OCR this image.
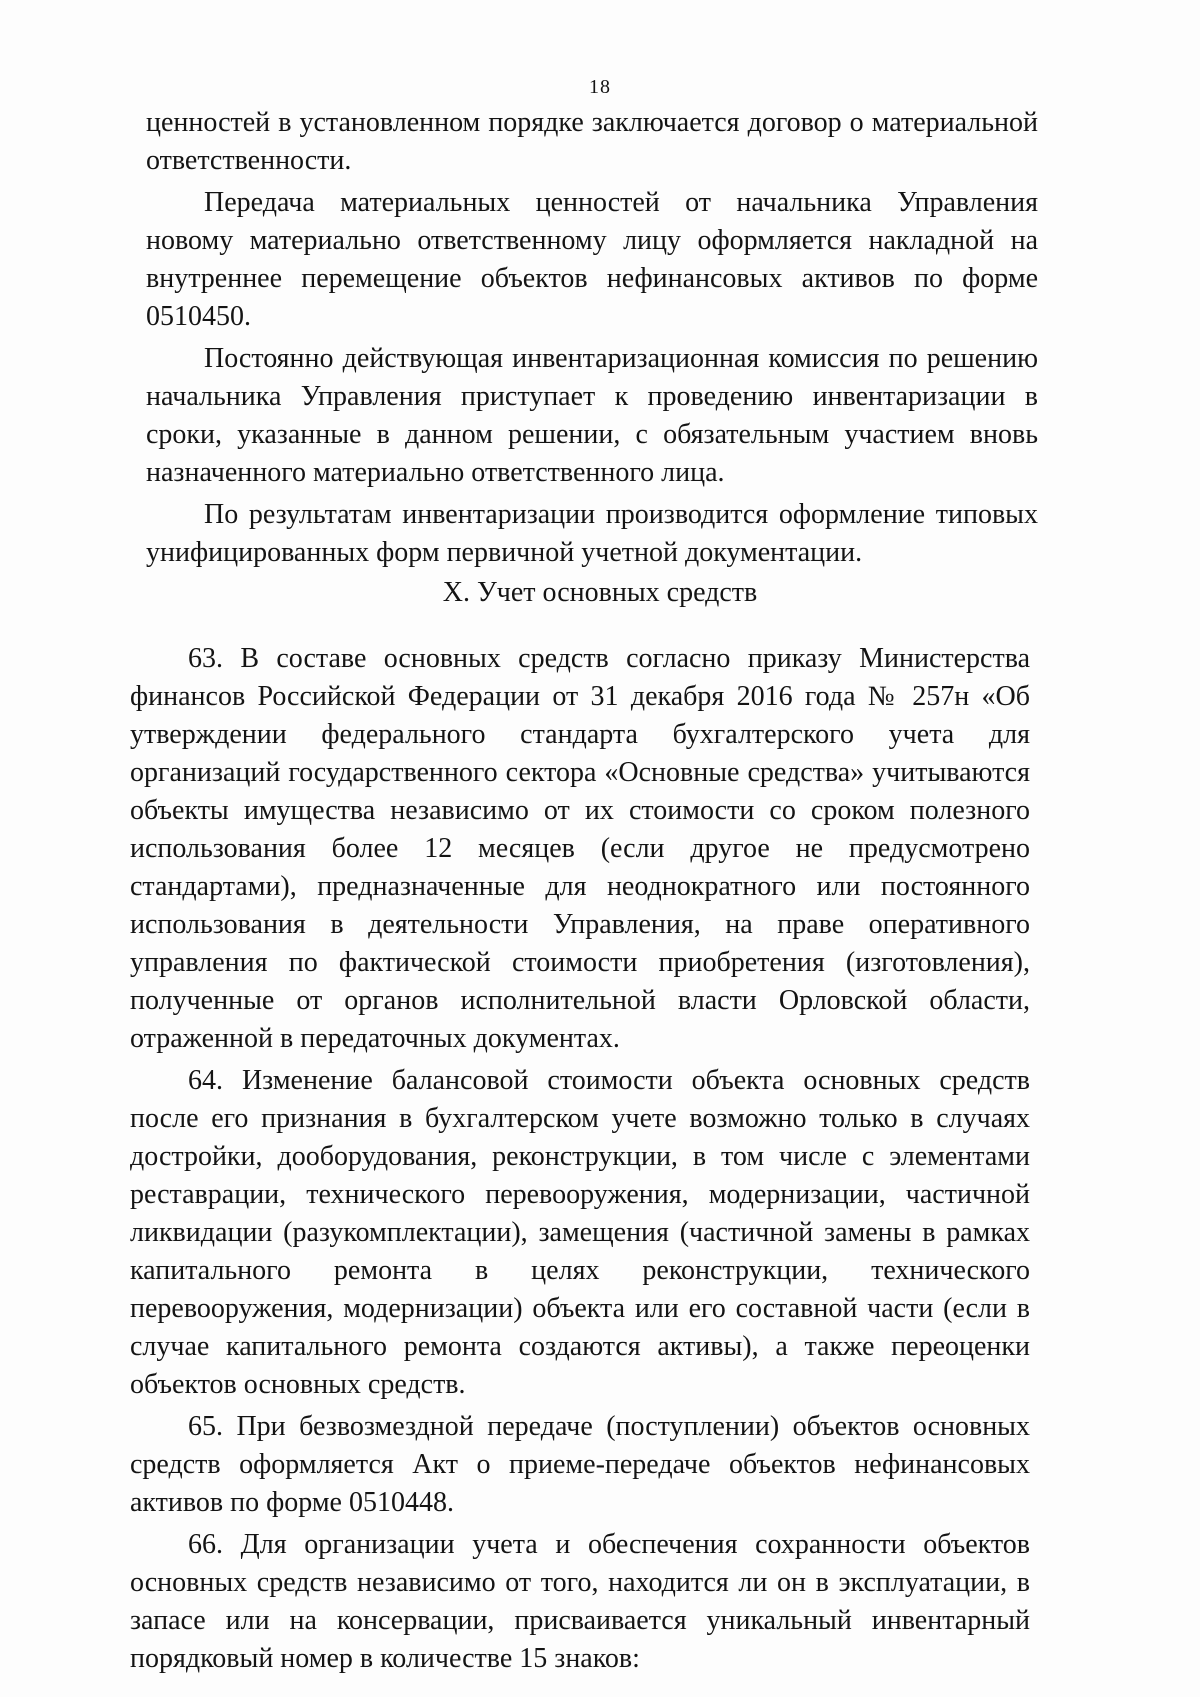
18

ценностей в установленном порядке заключается договор о материальной ответственности.

Передача материальных ценностей от начальника Управления новому материально ответственному лицу оформляется накладной на внутреннее перемещение объектов нефинансовых активов по форме 0510450.

Постоянно действующая инвентаризационная комиссия по решению начальника Управления приступает к проведению инвентаризации в сроки, указанные в данном решении, с обязательным участием вновь назначенного материально ответственного лица.

По результатам инвентаризации производится оформление типовых унифицированных форм первичной учетной документации.

X. Учет основных средств

63. В составе основных средств согласно приказу Министерства финансов Российской Федерации от 31 декабря 2016 года № 257н «Об утверждении федерального стандарта бухгалтерского учета для организаций государственного сектора «Основные средства» учитываются объекты имущества независимо от их стоимости со сроком полезного использования более 12 месяцев (если другое не предусмотрено стандартами), предназначенные для неоднократного или постоянного использования в деятельности Управления, на праве оперативного управления по фактической стоимости приобретения (изготовления), полученные от органов исполнительной власти Орловской области, отраженной в передаточных документах.

64. Изменение балансовой стоимости объекта основных средств после его признания в бухгалтерском учете возможно только в случаях достройки, дооборудования, реконструкции, в том числе с элементами реставрации, технического перевооружения, модернизации, частичной ликвидации (разукомплектации), замещения (частичной замены в рамках капитального ремонта в целях реконструкции, технического перевооружения, модернизации) объекта или его составной части (если в случае капитального ремонта создаются активы), а также переоценки объектов основных средств.

65. При безвозмездной передаче (поступлении) объектов основных средств оформляется Акт о приеме-передаче объектов нефинансовых активов по форме 0510448.

66. Для организации учета и обеспечения сохранности объектов основных средств независимо от того, находится ли он в эксплуатации, в запасе или на консервации, присваивается уникальный инвентарный порядковый номер в количестве 15 знаков:
